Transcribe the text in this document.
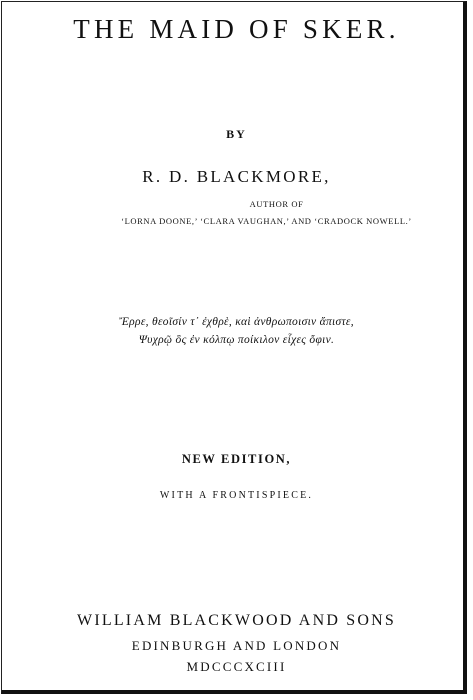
THE MAID OF SKER.
BY
R. D. BLACKMORE,
AUTHOR OF
‘LORNA DOONE,’ ‘CLARA VAUGHAN,’ AND ‘CRADOCK NOWELL.’
Ἔρρε, θεοῖσίν τ᾽ ἐχθρὲ, καὶ ἀνθρωποισιν ἄπιστε,
Ψυχρῷ ὃς ἐν κόλπῳ ποίκιλον εἶχες ὄφιν.
NEW EDITION,
WITH A FRONTISPIECE.
WILLIAM BLACKWOOD AND SONS
EDINBURGH AND LONDON
MDCCCXCIII
